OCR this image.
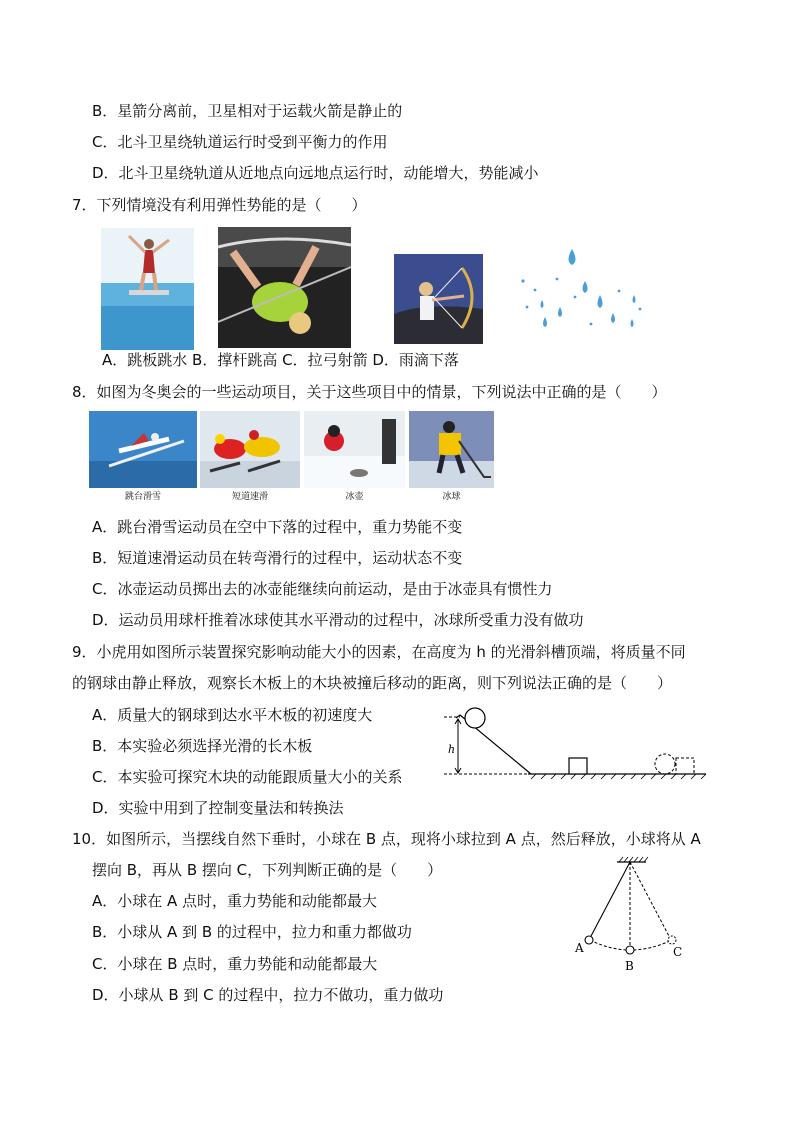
B．星箭分离前，卫星相对于运载火箭是静止的
C．北斗卫星绕轨道运行时受到平衡力的作用
D．北斗卫星绕轨道从近地点向远地点运行时，动能增大，势能减小
7．下列情境没有利用弹性势能的是（　　）
A．跳板跳水 B．撑杆跳高 C．拉弓射箭 D．雨滴下落
8．如图为冬奥会的一些运动项目，关于这些项目中的情景，下列说法中正确的是（　　）
跳台滑雪	短道速滑	冰壶	冰球
A．跳台滑雪运动员在空中下落的过程中，重力势能不变
B．短道速滑运动员在转弯滑行的过程中，运动状态不变
C．冰壶运动员掷出去的冰壶能继续向前运动，是由于冰壶具有惯性力
D．运动员用球杆推着冰球使其水平滑动的过程中，冰球所受重力没有做功
9．小虎用如图所示装置探究影响动能大小的因素，在高度为 h 的光滑斜槽顶端，将质量不同
的钢球由静止释放，观察长木板上的木块被撞后移动的距离，则下列说法正确的是（　　）
A．质量大的钢球到达水平木板的初速度大
B．本实验必须选择光滑的长木板
C．本实验可探究木块的动能跟质量大小的关系
D．实验中用到了控制变量法和转换法
h
10．如图所示，当摆线自然下垂时，小球在 B 点，现将小球拉到 A 点，然后释放，小球将从 A
摆向 B，再从 B 摆向 C，下列判断正确的是（　　）
A．小球在 A 点时，重力势能和动能都最大
B．小球从 A 到 B 的过程中，拉力和重力都做功
C．小球在 B 点时，重力势能和动能都最大
D．小球从 B 到 C 的过程中，拉力不做功，重力做功
A
B
C
